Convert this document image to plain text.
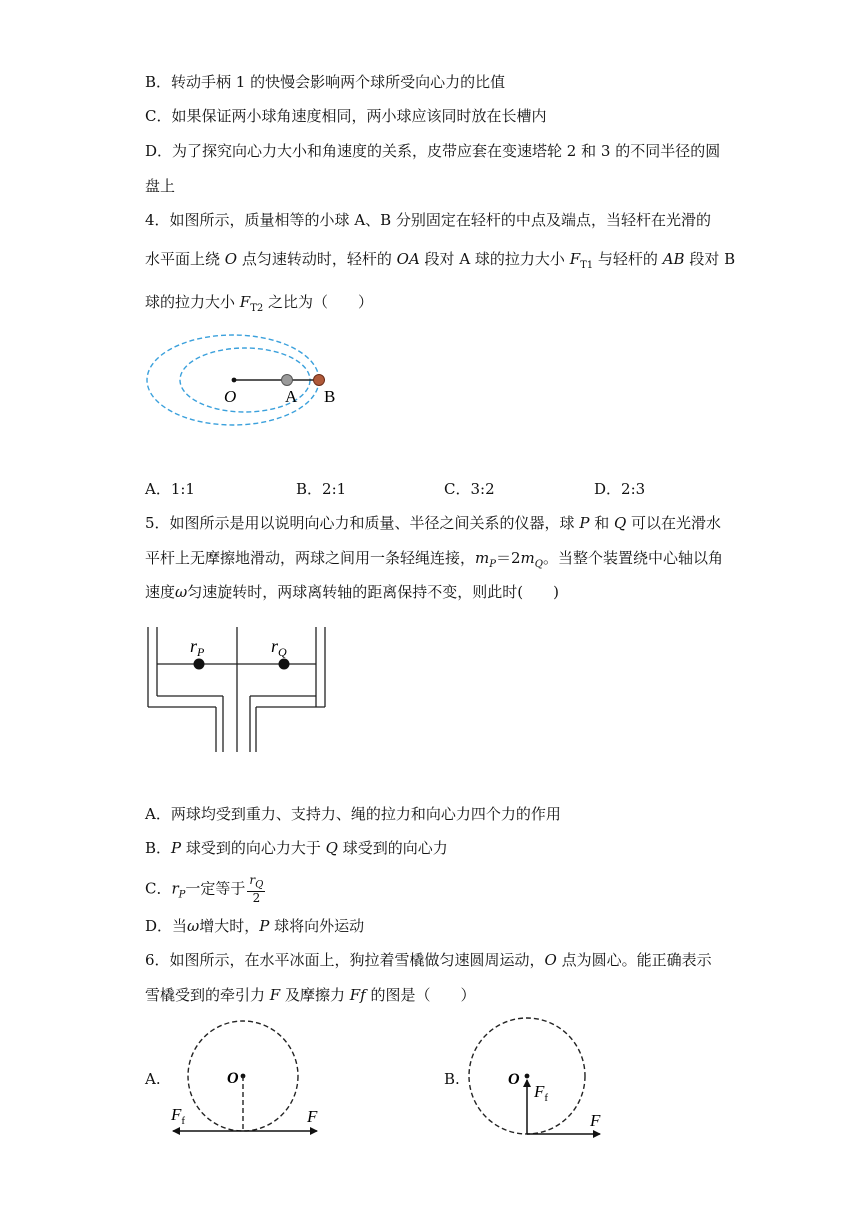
B．转动手柄 1 的快慢会影响两个球所受向心力的比值
C．如果保证两小球角速度相同，两小球应该同时放在长槽内
D．为了探究向心力大小和角速度的关系，皮带应套在变速塔轮 2 和 3 的不同半径的圆
盘上
4．如图所示，质量相等的小球 A、B 分别固定在轻杆的中点及端点，当轻杆在光滑的
水平面上绕 O 点匀速转动时，轻杆的 OA 段对 A 球的拉力大小 $F_{T1}$ 与轻杆的 AB 段对 B
球的拉力大小 $F_{T2}$ 之比为（　　）
O	A B
A．1:1	B．2:1	C．3:2	D．2:3
5．如图所示是用以说明向心力和质量、半径之间关系的仪器，球 P 和 Q 可以在光滑水
平杆上无摩擦地滑动，两球之间用一条轻绳连接，$m_P=2m_Q$。当整个装置绕中心轴以角
速度ω匀速旋转时，两球离转轴的距离保持不变，则此时(　　)
$r_P$	$r_Q$
A．两球均受到重力、支持力、绳的拉力和向心力四个力的作用
B．P 球受到的向心力大于 Q 球受到的向心力
C．$r_P$一定等于 $\frac{r_Q}{2}$
D．当ω增大时，P 球将向外运动
6．如图所示，在水平冰面上，狗拉着雪橇做匀速圆周运动，O 点为圆心。能正确表示
雪橇受到的牵引力 F 及摩擦力 Ff 的图是（　　）
A.	B.
O
F
$F_f$
O
$F_f$
F
